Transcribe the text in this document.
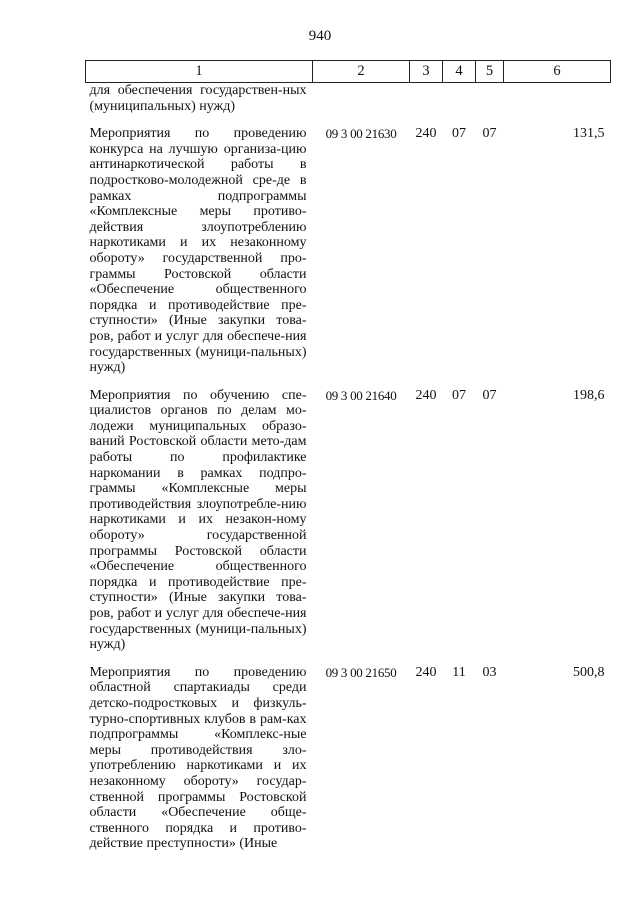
940
1	2	3	4	5	6
для обеспечения государствен-ных (муниципальных) нужд)					
Мероприятия по проведению конкурса на лучшую организа-цию антинаркотической работы в подростково-молодежной сре-де в рамках подпрограммы «Комплексные меры противо-действия злоупотреблению наркотиками и их незаконному обороту» государственной про-граммы Ростовской области «Обеспечение общественного порядка и противодействие пре-ступности» (Иные закупки това-ров, работ и услуг для обеспече-ния государственных (муници-пальных) нужд)	09 3 00 21630	240	07	07	131,5
Мероприятия по обучению спе-циалистов органов по делам мо-лодежи муниципальных образо-ваний Ростовской области мето-дам работы по профилактике наркомании в рамках подпро-граммы «Комплексные меры противодействия злоупотребле-нию наркотиками и их незакон-ному обороту» государственной программы Ростовской области «Обеспечение общественного порядка и противодействие пре-ступности» (Иные закупки това-ров, работ и услуг для обеспече-ния государственных (муници-пальных) нужд)	09 3 00 21640	240	07	07	198,6
Мероприятия по проведению областной спартакиады среди детско-подростковых и физкуль-турно-спортивных клубов в рам-ках подпрограммы «Комплекс-ные меры противодействия зло-употреблению наркотиками и их незаконному обороту» государ-ственной программы Ростовской области «Обеспечение обще-ственного порядка и противо-действие преступности» (Иные	09 3 00 21650	240	11	03	500,8
